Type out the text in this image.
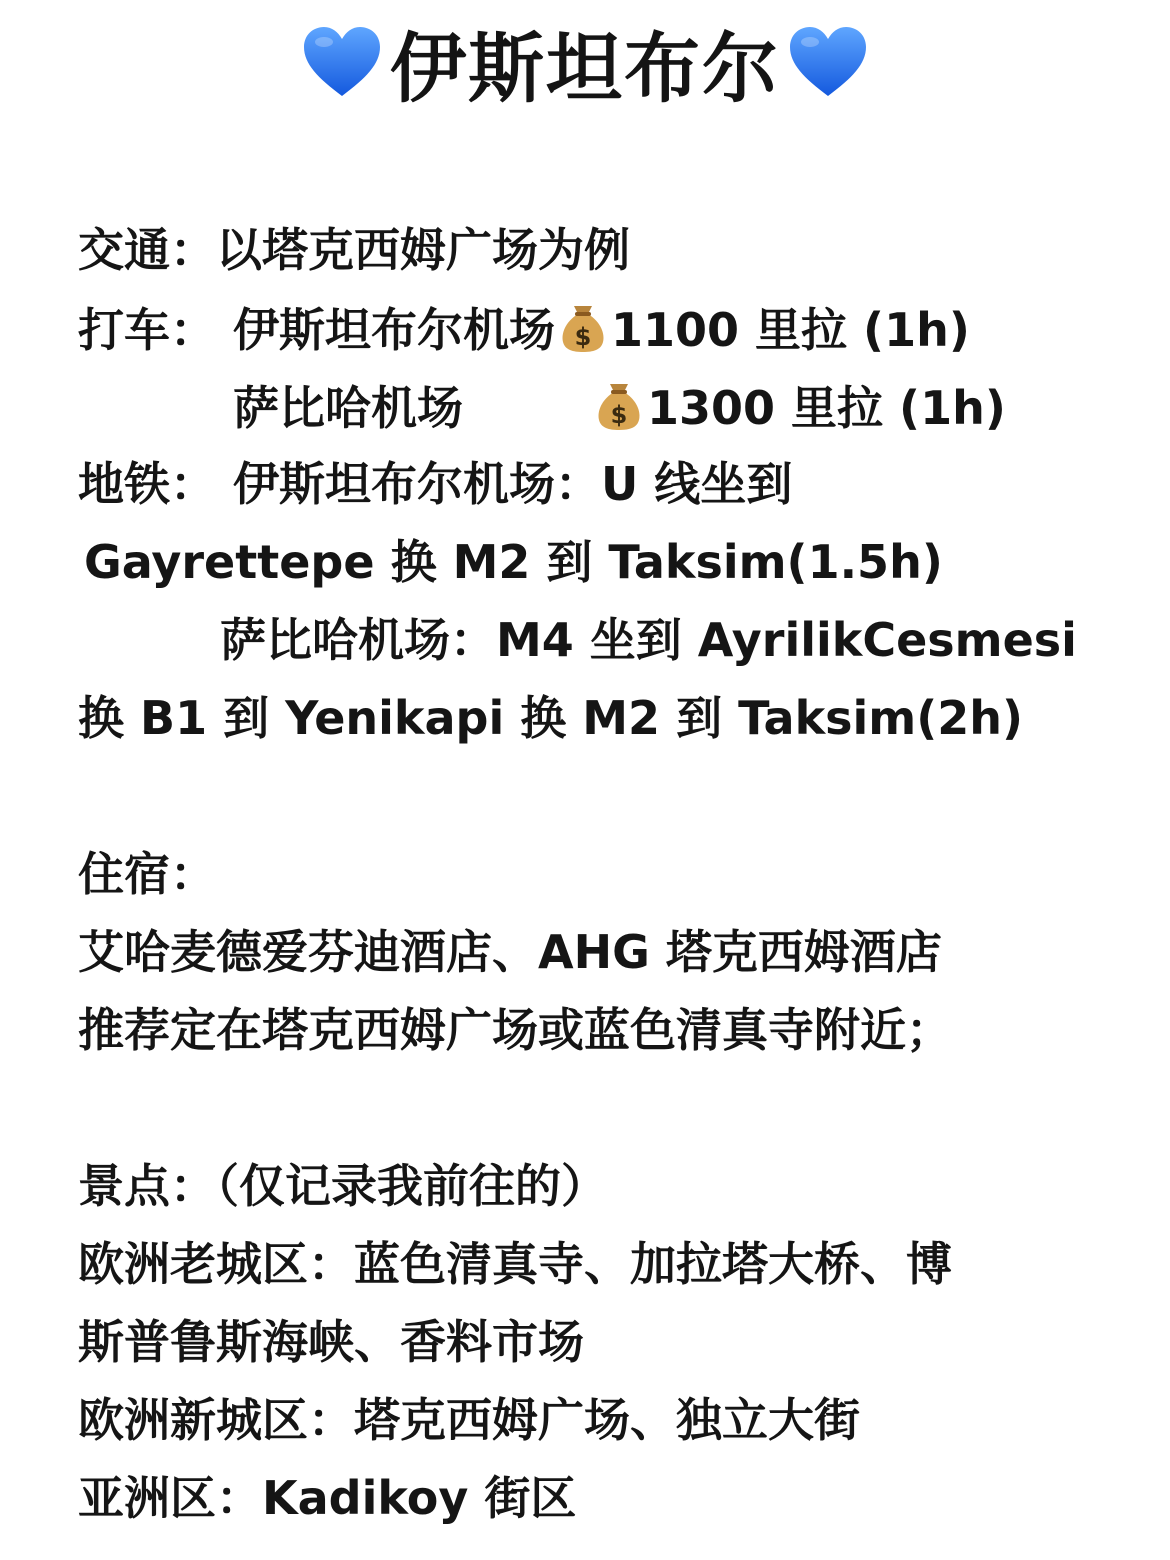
伊斯坦布尔
交通：以塔克西姆广场为例
打车： 伊斯坦布尔机场 $ 1100 里拉 (1h)
萨比哈机场	$ 1300 里拉 (1h)
地铁： 伊斯坦布尔机场：U 线坐到
Gayrettepe 换 M2 到 Taksim(1.5h)
萨比哈机场：M4 坐到 AyrilikCesmesi
换 B1 到 Yenikapi 换 M2 到 Taksim(2h)
住宿：
艾哈麦德爱芬迪酒店、AHG 塔克西姆酒店
推荐定在塔克西姆广场或蓝色清真寺附近；
景点：（仅记录我前往的）
欧洲老城区：蓝色清真寺、加拉塔大桥、博
斯普鲁斯海峡、香料市场
欧洲新城区：塔克西姆广场、独立大街
亚洲区：Kadikoy 街区
